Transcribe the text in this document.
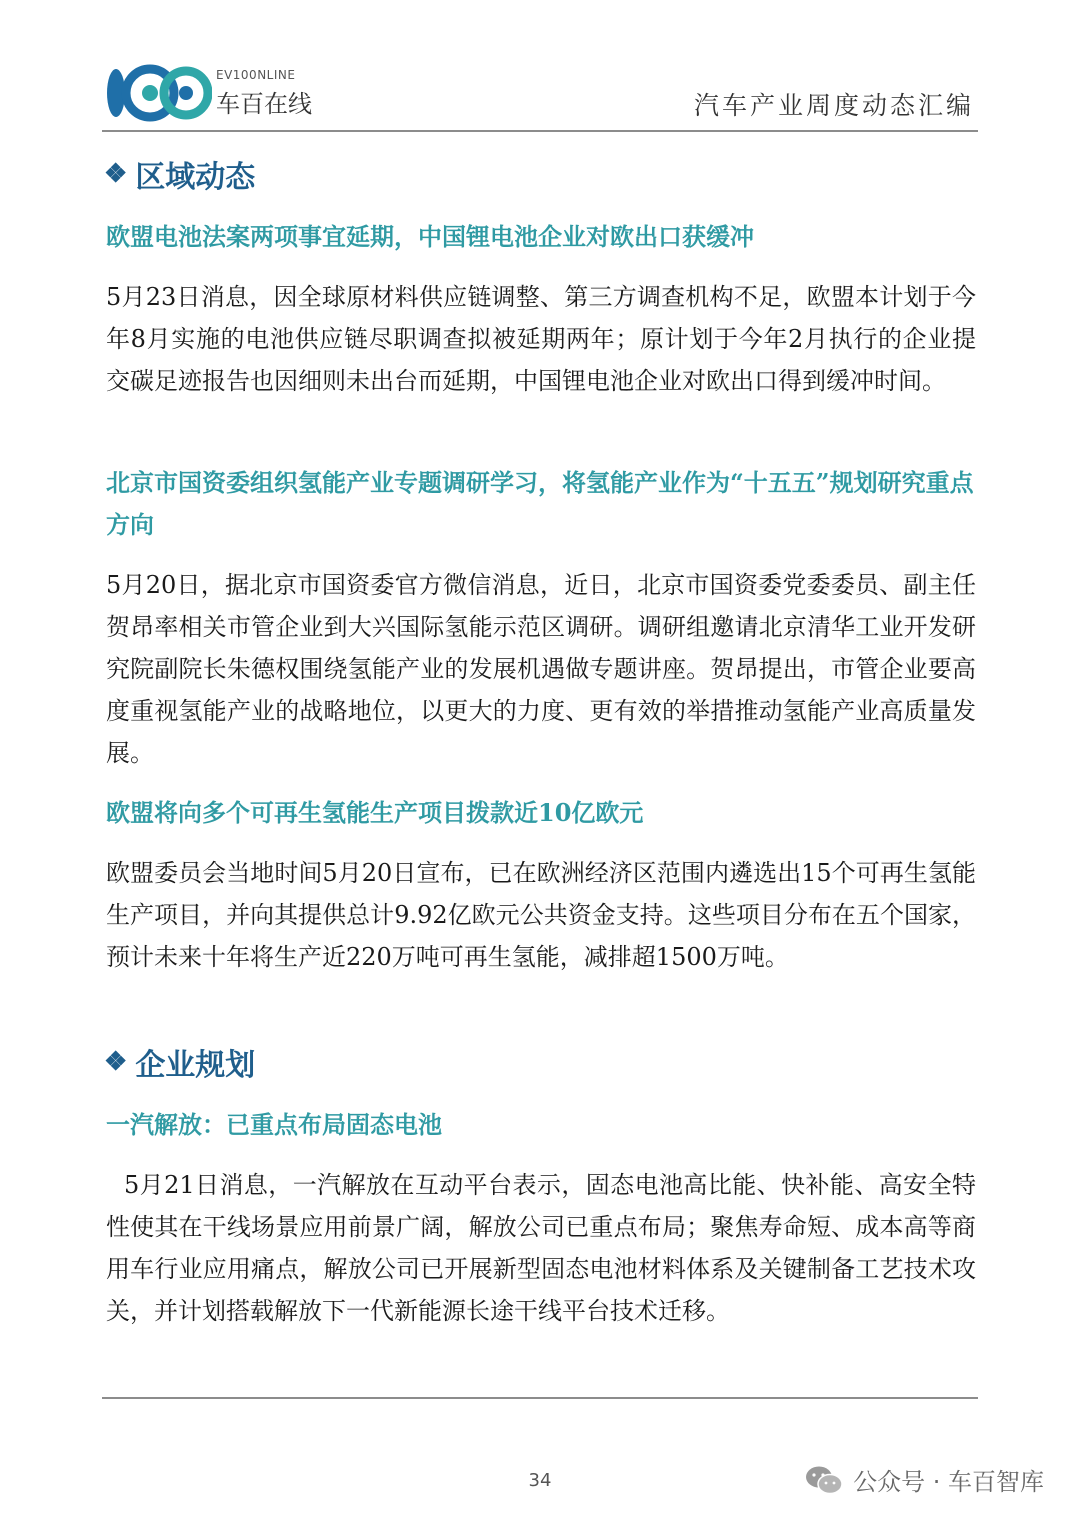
EV100NLINE
车百在线	汽车产业周度动态汇编
❖ 区域动态
欧盟电池法案两项事宜延期，中国锂电池企业对欧出口获缓冲
5月23日消息，因全球原材料供应链调整、第三方调查机构不足，欧盟本计划于今年8月实施的电池供应链尽职调查拟被延期两年；原计划于今年2月执行的企业提交碳足迹报告也因细则未出台而延期，中国锂电池企业对欧出口得到缓冲时间。
北京市国资委组织氢能产业专题调研学习，将氢能产业作为“十五五”规划研究重点方向
5月20日，据北京市国资委官方微信消息，近日，北京市国资委党委委员、副主任贺昂率相关市管企业到大兴国际氢能示范区调研。调研组邀请北京清华工业开发研究院副院长朱德权围绕氢能产业的发展机遇做专题讲座。贺昂提出，市管企业要高度重视氢能产业的战略地位，以更大的力度、更有效的举措推动氢能产业高质量发展。
欧盟将向多个可再生氢能生产项目拨款近10亿欧元
欧盟委员会当地时间5月20日宣布，已在欧洲经济区范围内遴选出15个可再生氢能生产项目，并向其提供总计9.92亿欧元公共资金支持。这些项目分布在五个国家，预计未来十年将生产近220万吨可再生氢能，减排超1500万吨。
❖ 企业规划
一汽解放：已重点布局固态电池
5月21日消息，一汽解放在互动平台表示，固态电池高比能、快补能、高安全特性使其在干线场景应用前景广阔，解放公司已重点布局；聚焦寿命短、成本高等商用车行业应用痛点，解放公司已开展新型固态电池材料体系及关键制备工艺技术攻关，并计划搭载解放下一代新能源长途干线平台技术迁移。
34	公众号 · 车百智库
